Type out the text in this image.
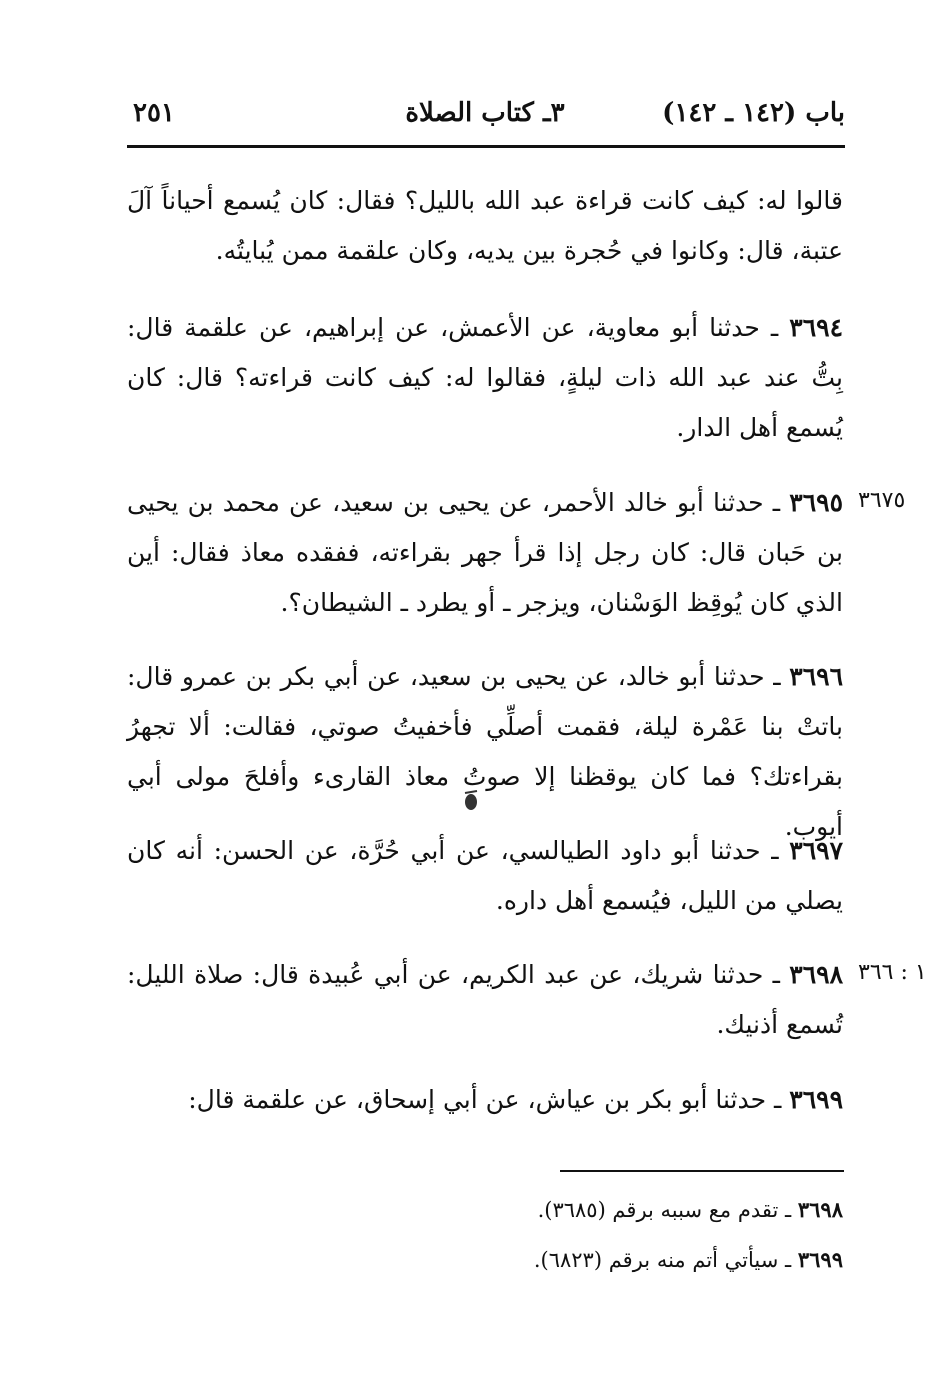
باب (١٤٢ ـ ١٤٢)
٣ـ كتاب الصلاة
٢٥١

قالوا له: كيف كانت قراءة عبد الله بالليل؟ فقال: كان يُسمع أحياناً آلَ عتبة، قال: وكانوا في حُجرة بين يديه، وكان علقمة ممن يُبايتُه.

٣٦٩٤ ـ حدثنا أبو معاوية، عن الأعمش، عن إبراهيم، عن علقمة قال: بِتُّ عند عبد الله ذات ليلةٍ، فقالوا له: كيف كانت قراءته؟ قال: كان يُسمع أهل الدار.

٣٦٧٥

٣٦٩٥ ـ حدثنا أبو خالد الأحمر، عن يحيى بن سعيد، عن محمد بن يحيى بن حَبان قال: كان رجل إذا قرأ جهر بقراءته، ففقده معاذ فقال: أين الذي كان يُوقِظ الوَسْنان، ويزجر ـ أو يطرد ـ الشيطان؟.

٣٦٩٦ ـ حدثنا أبو خالد، عن يحيى بن سعيد، عن أبي بكر بن عمرو قال: باتتْ بنا عَمْرة ليلة، فقمت أصلِّي فأخفيتُ صوتي، فقالت: ألا تجهرُ بقراءتك؟ فما كان يوقظنا إلا صوتُ معاذ القارىء وأفلحَ مولى أبي أيوب.

٣٦٩٧ ـ حدثنا أبو داود الطيالسي، عن أبي حُرَّة، عن الحسن: أنه كان يصلي من الليل، فيُسمع أهل داره.

١ : ٣٦٦

٣٦٩٨ ـ حدثنا شريك، عن عبد الكريم، عن أبي عُبيدة قال: صلاة الليل: تُسمع أذنيك.

٣٦٩٩ ـ حدثنا أبو بكر بن عياش، عن أبي إسحاق، عن علقمة قال:

٣٦٩٨ ـ تقدم مع سببه برقم (٣٦٨٥).
٣٦٩٩ ـ سيأتي أتم منه برقم (٦٨٢٣).
